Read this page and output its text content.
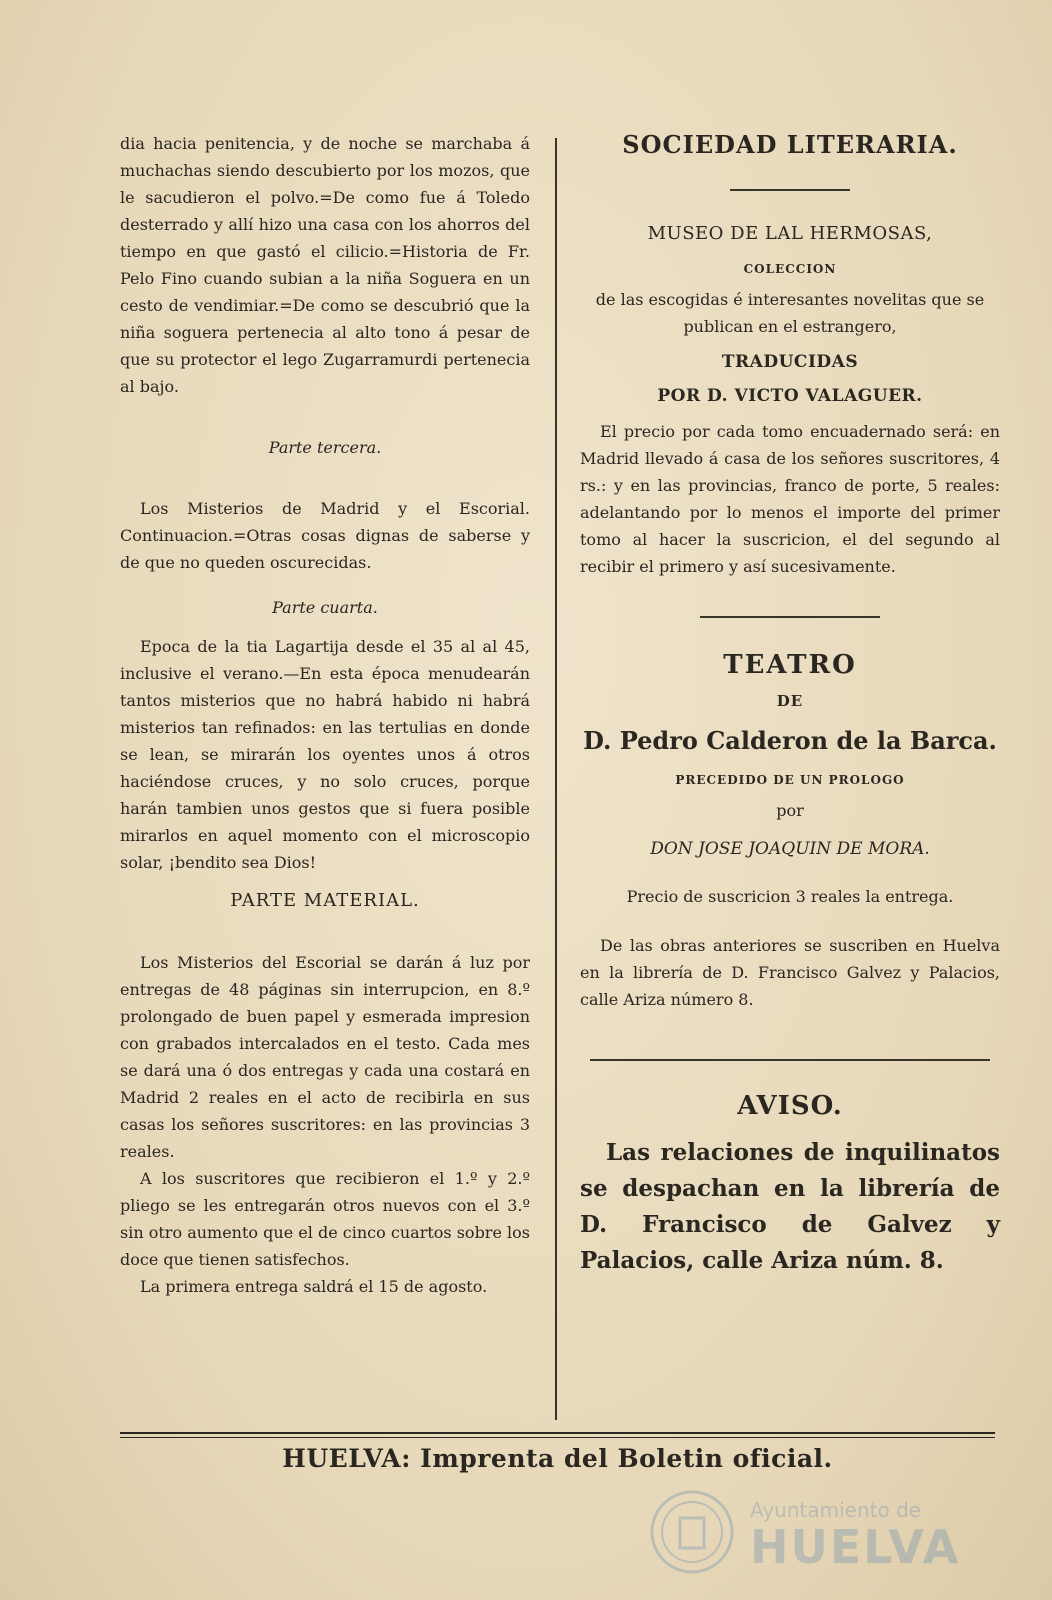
dia hacia penitencia, y de noche se marchaba á muchachas siendo descubierto por los mozos, que le sacudieron el polvo.=De como fue á Toledo desterrado y allí hizo una casa con los ahorros del tiempo en que gastó el cilicio.=Historia de Fr. Pelo Fino cuando subian a la niña Soguera en un cesto de vendimiar.=De como se descubrió que la niña soguera pertenecia al alto tono á pesar de que su protector el lego Zugarramurdi pertenecia al bajo.

Parte tercera.

Los Misterios de Madrid y el Escorial. Continuacion.=Otras cosas dignas de saberse y de que no queden oscurecidas.

Parte cuarta.

Epoca de la tia Lagartija desde el 35 al al 45, inclusive el verano.—En esta época menudearán tantos misterios que no habrá habido ni habrá misterios tan refinados: en las tertulias en donde se lean, se mirarán los oyentes unos á otros haciéndose cruces, y no solo cruces, porque harán tambien unos gestos que si fuera posible mirarlos en aquel momento con el microscopio solar, ¡bendito sea Dios!

PARTE MATERIAL.

Los Misterios del Escorial se darán á luz por entregas de 48 páginas sin interrupcion, en 8.º prolongado de buen papel y esmerada impresion con grabados intercalados en el testo. Cada mes se dará una ó dos entregas y cada una costará en Madrid 2 reales en el acto de recibirla en sus casas los señores suscritores: en las provincias 3 reales.

A los suscritores que recibieron el 1.º y 2.º pliego se les entregarán otros nuevos con el 3.º sin otro aumento que el de cinco cuartos sobre los doce que tienen satisfechos.

La primera entrega saldrá el 15 de agosto.

SOCIEDAD LITERARIA.

MUSEO DE LAL HERMOSAS,

COLECCION

de las escogidas é interesantes novelitas que se publican en el estrangero,

TRADUCIDAS

POR D. VICTO VALAGUER.

El precio por cada tomo encuadernado será: en Madrid llevado á casa de los señores suscritores, 4 rs.: y en las provincias, franco de porte, 5 reales: adelantando por lo menos el importe del primer tomo al hacer la suscricion, el del segundo al recibir el primero y así sucesivamente.

TEATRO

DE

D. Pedro Calderon de la Barca.

PRECEDIDO DE UN PROLOGO

por

DON JOSE JOAQUIN DE MORA.

Precio de suscricion 3 reales la entrega.

De las obras anteriores se suscriben en Huelva en la librería de D. Francisco Galvez y Palacios, calle Ariza número 8.

AVISO.

Las relaciones de inquilinatos se despachan en la librería de D. Francisco de Galvez y Palacios, calle Ariza núm. 8.

HUELVA: Imprenta del Boletin oficial.

Ayuntamiento de
HUELVA
